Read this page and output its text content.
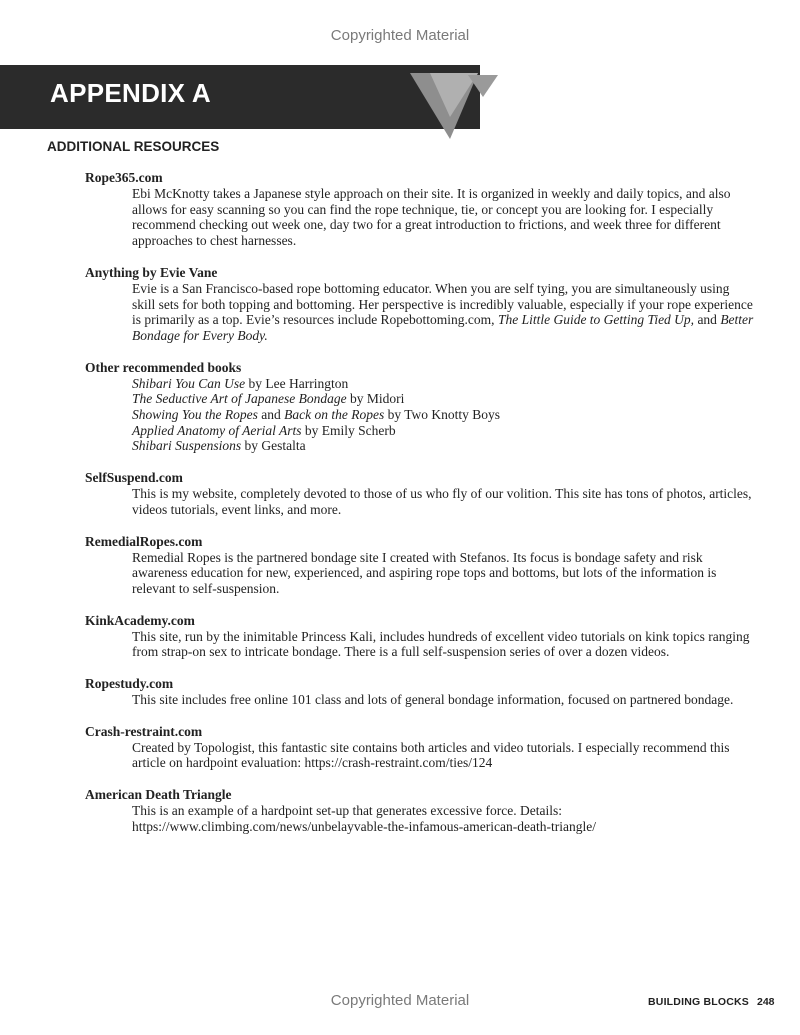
Copyrighted Material
APPENDIX A
ADDITIONAL RESOURCES
Rope365.com
Ebi McKnotty takes a Japanese style approach on their site. It is organized in weekly and daily topics, and also allows for easy scanning so you can find the rope technique, tie, or concept you are looking for. I especially recommend checking out week one, day two for a great introduction to frictions, and week three for different approaches to chest harnesses.
Anything by Evie Vane
Evie is a San Francisco-based rope bottoming educator. When you are self tying, you are simultaneously using skill sets for both topping and bottoming. Her perspective is incredibly valuable, especially if your rope experience is primarily as a top. Evie’s resources include Ropebottoming.com, The Little Guide to Getting Tied Up, and Better Bondage for Every Body.
Other recommended books
Shibari You Can Use by Lee Harrington
The Seductive Art of Japanese Bondage by Midori
Showing You the Ropes and Back on the Ropes by Two Knotty Boys
Applied Anatomy of Aerial Arts by Emily Scherb
Shibari Suspensions by Gestalta
SelfSuspend.com
This is my website, completely devoted to those of us who fly of our volition. This site has tons of photos, articles, videos tutorials, event links, and more.
RemedialRopes.com
Remedial Ropes is the partnered bondage site I created with Stefanos. Its focus is bondage safety and risk awareness education for new, experienced, and aspiring rope tops and bottoms, but lots of the information is relevant to self-suspension.
KinkAcademy.com
This site, run by the inimitable Princess Kali, includes hundreds of excellent video tutorials on kink topics ranging from strap-on sex to intricate bondage. There is a full self-suspension series of over a dozen videos.
Ropestudy.com
This site includes free online 101 class and lots of general bondage information, focused on partnered bondage.
Crash-restraint.com
Created by Topologist, this fantastic site contains both articles and video tutorials. I especially recommend this article on hardpoint evaluation: https://crash-restraint.com/ties/124
American Death Triangle
This is an example of a hardpoint set-up that generates excessive force. Details: https://www.climbing.com/news/unbelayvable-the-infamous-american-death-triangle/
Copyrighted Material	BUILDING BLOCKS 248
